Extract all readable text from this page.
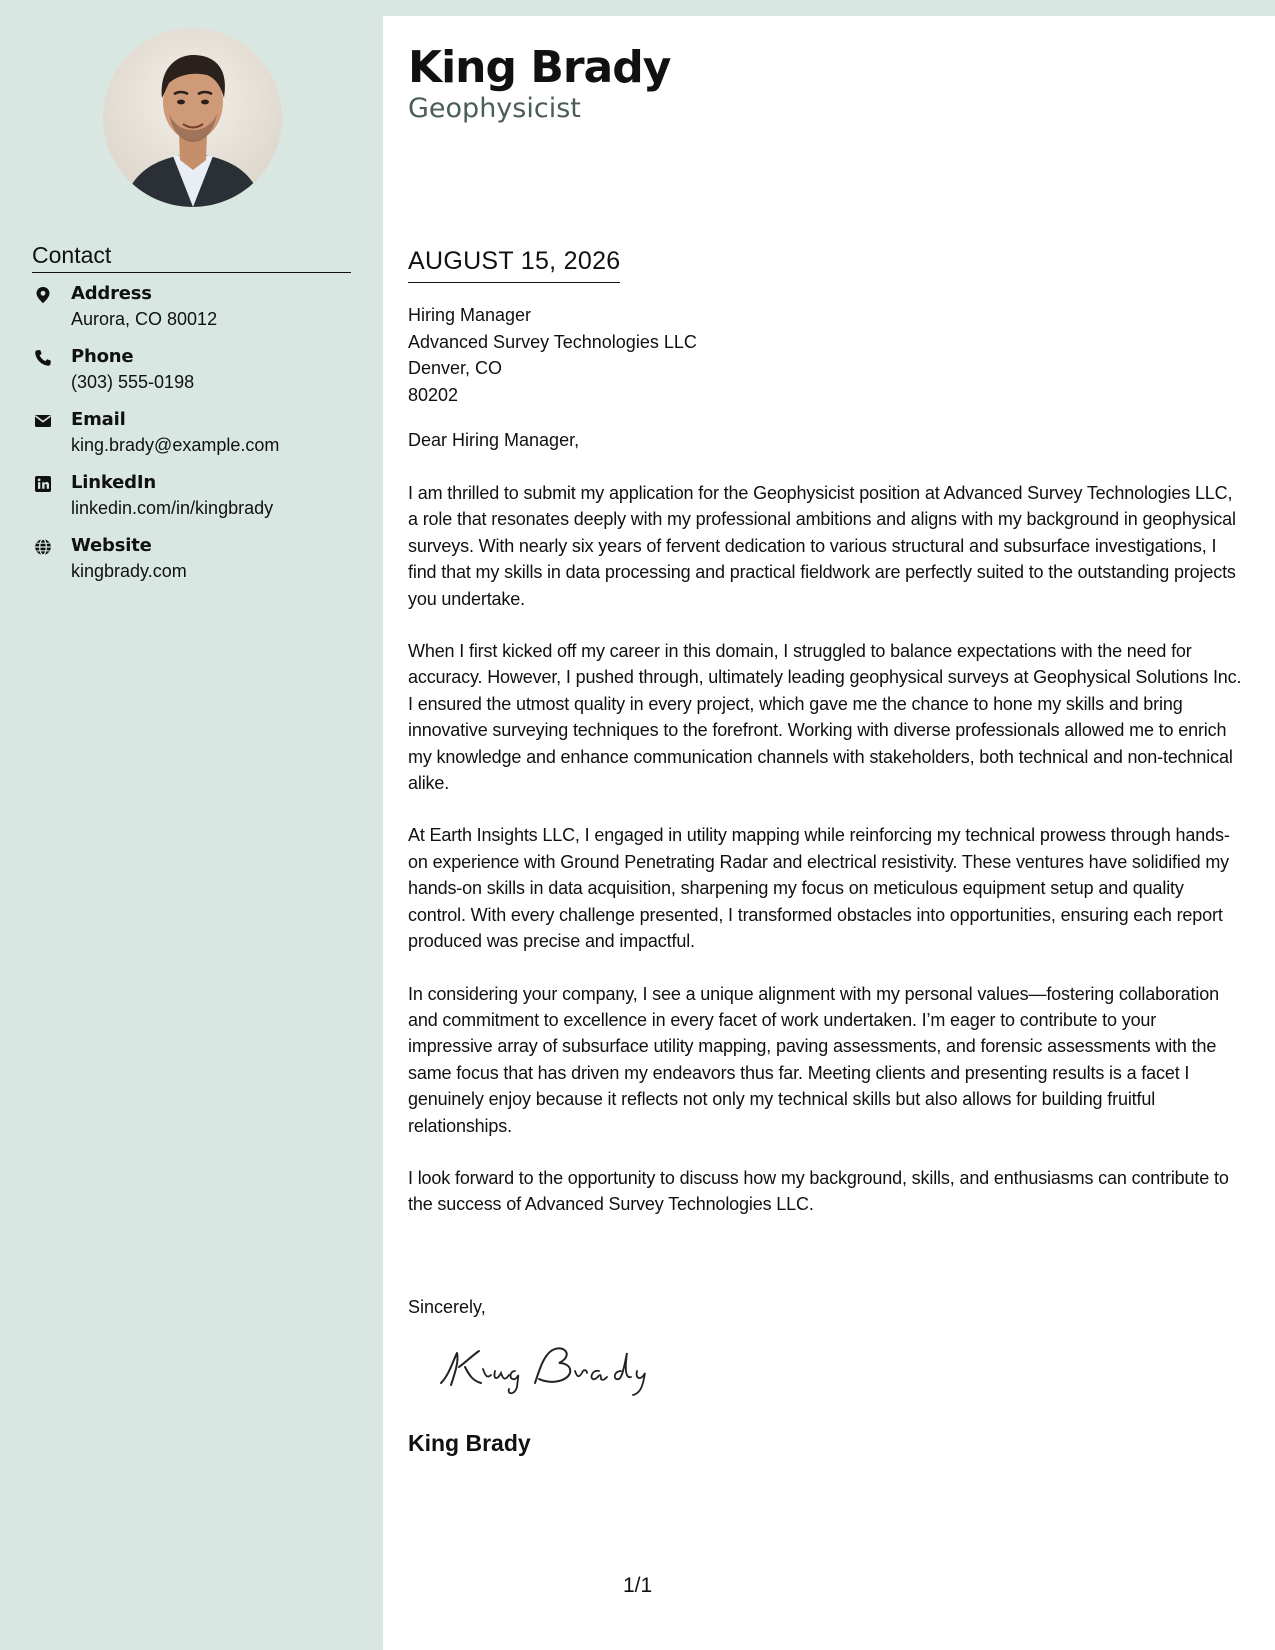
Contact
Address
Aurora, CO 80012
Phone
(303) 555-0198
Email
king.brady@example.com
LinkedIn
linkedin.com/in/kingbrady
Website
kingbrady.com
King Brady
Geophysicist
AUGUST 15, 2026
Hiring Manager
Advanced Survey Technologies LLC
Denver, CO
80202
Dear Hiring Manager,

I am thrilled to submit my application for the Geophysicist position at Advanced Survey Technologies LLC, a role that resonates deeply with my professional ambitions and aligns with my background in geophysical surveys. With nearly six years of fervent dedication to various structural and subsurface investigations, I find that my skills in data processing and practical fieldwork are perfectly suited to the outstanding projects you undertake.

When I first kicked off my career in this domain, I struggled to balance expectations with the need for accuracy. However, I pushed through, ultimately leading geophysical surveys at Geophysical Solutions Inc. I ensured the utmost quality in every project, which gave me the chance to hone my skills and bring innovative surveying techniques to the forefront. Working with diverse professionals allowed me to enrich my knowledge and enhance communication channels with stakeholders, both technical and non-technical alike.

At Earth Insights LLC, I engaged in utility mapping while reinforcing my technical prowess through hands-on experience with Ground Penetrating Radar and electrical resistivity. These ventures have solidified my hands-on skills in data acquisition, sharpening my focus on meticulous equipment setup and quality control. With every challenge presented, I transformed obstacles into opportunities, ensuring each report produced was precise and impactful.

In considering your company, I see a unique alignment with my personal values—fostering collaboration and commitment to excellence in every facet of work undertaken. I’m eager to contribute to your impressive array of subsurface utility mapping, paving assessments, and forensic assessments with the same focus that has driven my endeavors thus far. Meeting clients and presenting results is a facet I genuinely enjoy because it reflects not only my technical skills but also allows for building fruitful relationships.

I look forward to the opportunity to discuss how my background, skills, and enthusiasms can contribute to the success of Advanced Survey Technologies LLC.

Sincerely,
King Brady
1/1
